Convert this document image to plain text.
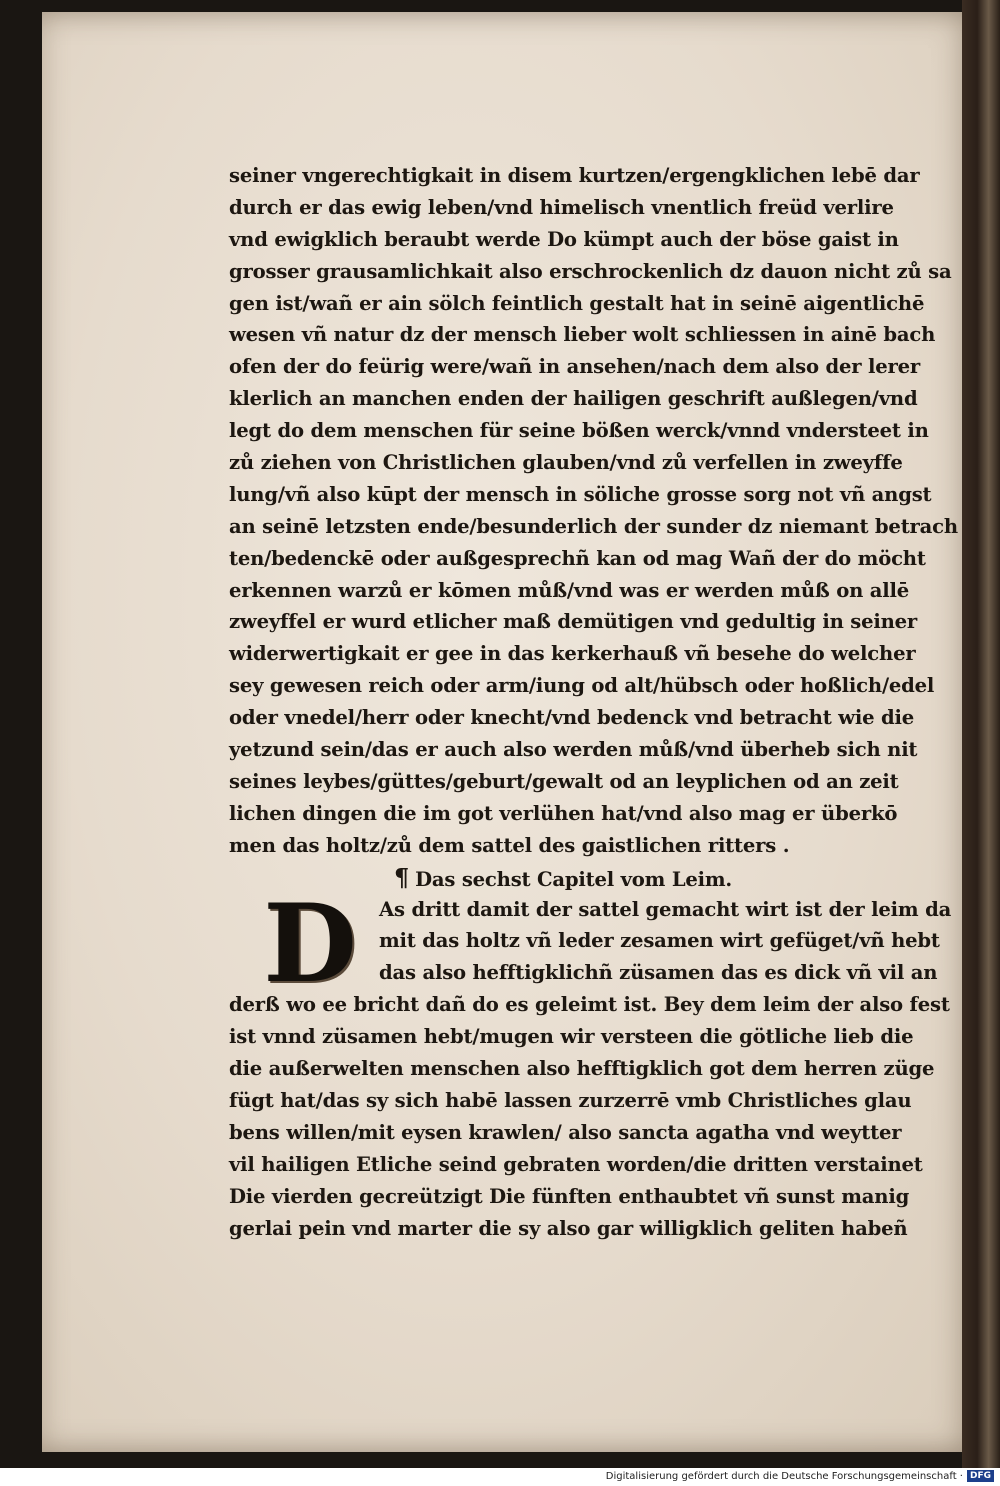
seiner vngerechtigkait in disem kurtzen/ergengklichen lebē dar
durch er das ewig leben/vnd himelisch vnentlich freüd verlire
vnd ewigklich beraubt werde Do kümpt auch der böse gaist in
grosser grausamlichkait also erschrockenlich dz dauon nicht zů sa
gen ist/wañ er ain sölch feintlich gestalt hat in seinē aigentlichē
wesen vñ natur dz der mensch lieber wolt schliessen in ainē bach
ofen der do feürig were/wañ in ansehen/nach dem also der lerer
klerlich an manchen enden der hailigen geschrift außlegen/vnd
legt do dem menschen für seine bößen werck/vnnd vndersteet in
zů ziehen von Christlichen glauben/vnd zů verfellen in zweyffe
lung/vñ also kūpt der mensch in söliche grosse sorg not vñ angst
an seinē letzsten ende/besunderlich der sunder dz niemant betrach
ten/bedenckē oder außgesprechñ kan od mag Wañ der do möcht
erkennen warzů er kōmen můß/vnd was er werden můß on allē
zweyffel er wurd etlicher maß demütigen vnd gedultig in seiner
widerwertigkait er gee in das kerkerhauß vñ besehe do welcher
sey gewesen reich oder arm/iung od alt/hübsch oder hoßlich/edel
oder vnedel/herr oder knecht/vnd bedenck vnd betracht wie die
yetzund sein/das er auch also werden můß/vnd überheb sich nit
seines leybes/güttes/geburt/gewalt od an leyplichen od an zeit
lichen dingen die im got verlühen hat/vnd also mag er überkō
men das holtz/zů dem sattel des gaistlichen ritters .
¶ Das sechst Capitel vom Leim.
D	As dritt damit der sattel gemacht wirt ist der leim da
mit das holtz vñ leder zesamen wirt gefüget/vñ hebt
das also hefftigklichñ züsamen das es dick vñ vil an
derß wo ee bricht dañ do es geleimt ist. Bey dem leim der also fest
ist vnnd züsamen hebt/mugen wir versteen die götliche lieb die
die außerwelten menschen also hefftigklich got dem herren züge
fügt hat/das sy sich habē lassen zurzerrē vmb Christliches glau
bens willen/mit eysen krawlen/ also sancta agatha vnd weytter
vil hailigen Etliche seind gebraten worden/die dritten verstainet
Die vierden gecreützigt Die fünften enthaubtet vñ sunst manig
gerlai pein vnd marter die sy also gar willigklich geliten habeñ
Digitalisierung gefördert durch die Deutsche Forschungsgemeinschaft · DFG
